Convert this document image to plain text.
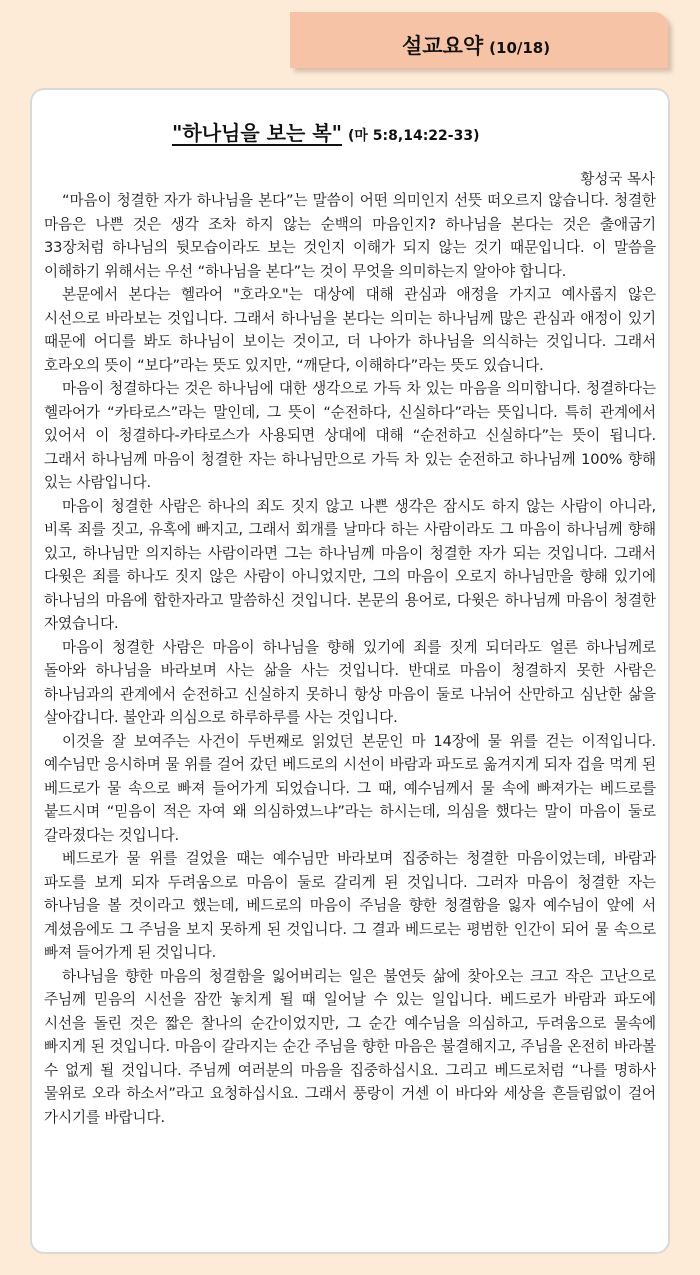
설교요약 (10/18)
"하나님을 보는 복" (마 5:8,14:22-33)
황성국 목사

“마음이 청결한 자가 하나님을 본다”는 말씀이 어떤 의미인지 선뜻 떠오르지 않습니다. 청결한 마음은 나쁜 것은 생각 조차 하지 않는 순백의 마음인지? 하나님을 본다는 것은 출애굽기 33장처럼 하나님의 뒷모습이라도 보는 것인지 이해가 되지 않는 것기 때문입니다. 이 말씀을 이해하기 위해서는 우선 “하나님을 본다”는 것이 무엇을 의미하는지 알아야 합니다.

본문에서 본다는 헬라어 "호라오"는 대상에 대해 관심과 애정을 가지고 예사롭지 않은 시선으로 바라보는 것입니다. 그래서 하나님을 본다는 의미는 하나님께 많은 관심과 애정이 있기 때문에 어디를 봐도 하나님이 보이는 것이고, 더 나아가 하나님을 의식하는 것입니다. 그래서 호라오의 뜻이 “보다”라는 뜻도 있지만, “깨닫다, 이해하다”라는 뜻도 있습니다.

마음이 청결하다는 것은 하나님에 대한 생각으로 가득 차 있는 마음을 의미합니다. 청결하다는 헬라어가 “카타로스”라는 말인데, 그 뜻이 “순전하다, 신실하다”라는 뜻입니다. 특히 관계에서 있어서 이 청결하다-카타로스가 사용되면 상대에 대해 “순전하고 신실하다”는 뜻이 됩니다. 그래서 하나님께 마음이 청결한 자는 하나님만으로 가득 차 있는 순전하고 하나님께 100% 향해 있는 사람입니다.

마음이 청결한 사람은 하나의 죄도 짓지 않고 나쁜 생각은 잠시도 하지 않는 사람이 아니라, 비록 죄를 짓고, 유혹에 빠지고, 그래서 회개를 날마다 하는 사람이라도 그 마음이 하나님께 향해 있고, 하나님만 의지하는 사람이라면 그는 하나님께 마음이 청결한 자가 되는 것입니다. 그래서 다윗은 죄를 하나도 짓지 않은 사람이 아니었지만, 그의 마음이 오로지 하나님만을 향해 있기에 하나님의 마음에 합한자라고 말씀하신 것입니다. 본문의 용어로, 다윗은 하나님께 마음이 청결한 자였습니다.

마음이 청결한 사람은 마음이 하나님을 향해 있기에 죄를 짓게 되더라도 얼른 하나님께로 돌아와 하나님을 바라보며 사는 삶을 사는 것입니다. 반대로 마음이 청결하지 못한 사람은 하나님과의 관계에서 순전하고 신실하지 못하니 항상 마음이 둘로 나뉘어 산만하고 심난한 삶을 살아갑니다. 불안과 의심으로 하루하루를 사는 것입니다.

이것을 잘 보여주는 사건이 두번째로 읽었던 본문인 마 14장에 물 위를 걷는 이적입니다. 예수님만 응시하며 물 위를 걸어 갔던 베드로의 시선이 바람과 파도로 옮겨지게 되자 겁을 먹게 된 베드로가 물 속으로 빠져 들어가게 되었습니다. 그 때, 예수님께서 물 속에 빠져가는 베드로를 붙드시며 “믿음이 적은 자여 왜 의심하였느냐”라는 하시는데, 의심을 했다는 말이 마음이 둘로 갈라졌다는 것입니다.

베드로가 물 위를 걸었을 때는 예수님만 바라보며 집중하는 청결한 마음이었는데, 바람과 파도를 보게 되자 두려움으로 마음이 둘로 갈리게 된 것입니다. 그러자 마음이 청결한 자는 하나님을 볼 것이라고 했는데, 베드로의 마음이 주님을 향한 청결함을 잃자 예수님이 앞에 서 계셨음에도 그 주님을 보지 못하게 된 것입니다. 그 결과 베드로는 평범한 인간이 되어 물 속으로 빠져 들어가게 된 것입니다.

하나님을 향한 마음의 청결함을 잃어버리는 일은 불연듯 삶에 찾아오는 크고 작은 고난으로 주님께 믿음의 시선을 잠깐 놓치게 될 때 일어날 수 있는 일입니다. 베드로가 바람과 파도에 시선을 돌린 것은 짧은 찰나의 순간이었지만, 그 순간 예수님을 의심하고, 두려움으로 물속에 빠지게 된 것입니다. 마음이 갈라지는 순간 주님을 향한 마음은 불결해지고, 주님을 온전히 바라볼 수 없게 될 것입니다. 주님께 여러분의 마음을 집중하십시요. 그리고 베드로처럼 “나를 명하사 물위로 오라 하소서”라고 요청하십시요. 그래서 풍랑이 거센 이 바다와 세상을 흔들림없이 걸어 가시기를 바랍니다.
